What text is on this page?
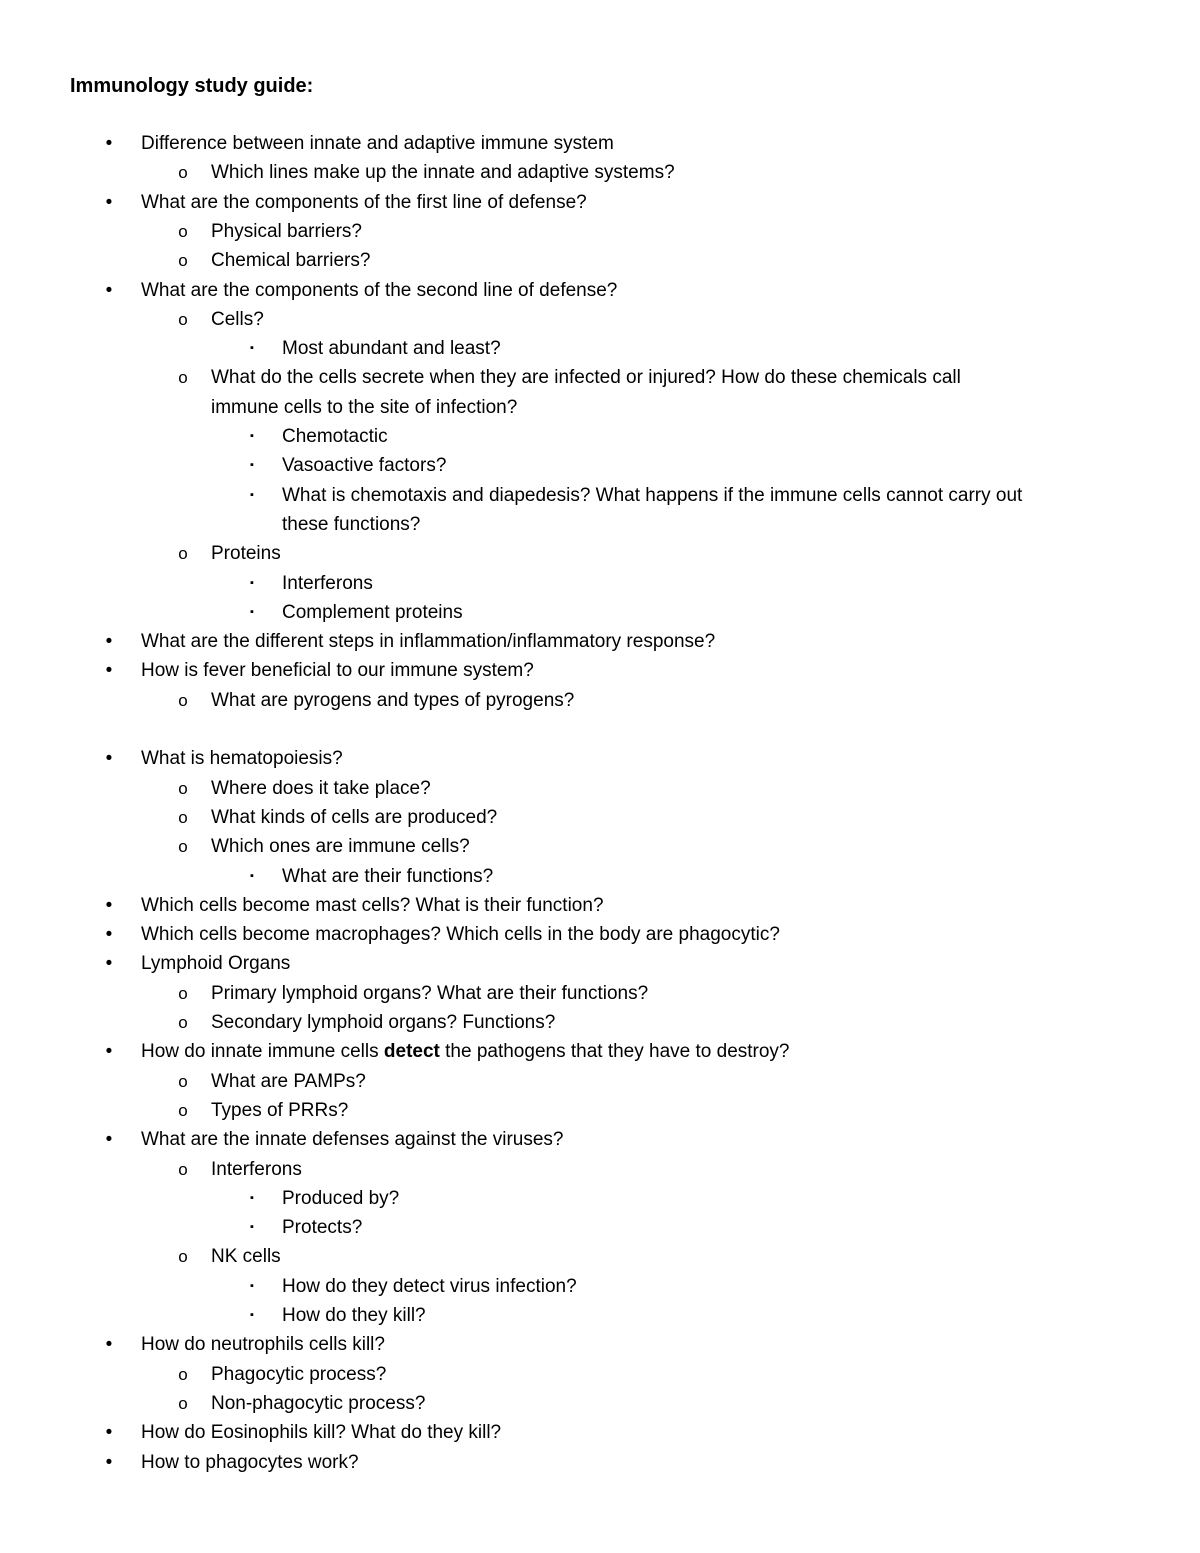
Immunology study guide:
• Difference between innate and adaptive immune system
o Which lines make up the innate and adaptive systems?
• What are the components of the first line of defense?
o Physical barriers?
o Chemical barriers?
• What are the components of the second line of defense?
o Cells?
▪ Most abundant and least?
o What do the cells secrete when they are infected or injured? How do these chemicals call
immune cells to the site of infection?
▪ Chemotactic
▪ Vasoactive factors?
▪ What is chemotaxis and diapedesis? What happens if the immune cells cannot carry out
these functions?
o Proteins
▪ Interferons
▪ Complement proteins
• What are the different steps in inflammation/inflammatory response?
• How is fever beneficial to our immune system?
o What are pyrogens and types of pyrogens?
• What is hematopoiesis?
o Where does it take place?
o What kinds of cells are produced?
o Which ones are immune cells?
▪ What are their functions?
• Which cells become mast cells? What is their function?
• Which cells become macrophages? Which cells in the body are phagocytic?
• Lymphoid Organs
o Primary lymphoid organs? What are their functions?
o Secondary lymphoid organs? Functions?
• How do innate immune cells detect the pathogens that they have to destroy?
o What are PAMPs?
o Types of PRRs?
• What are the innate defenses against the viruses?
o Interferons
▪ Produced by?
▪ Protects?
o NK cells
▪ How do they detect virus infection?
▪ How do they kill?
• How do neutrophils cells kill?
o Phagocytic process?
o Non-phagocytic process?
• How do Eosinophils kill? What do they kill?
• How to phagocytes work?
